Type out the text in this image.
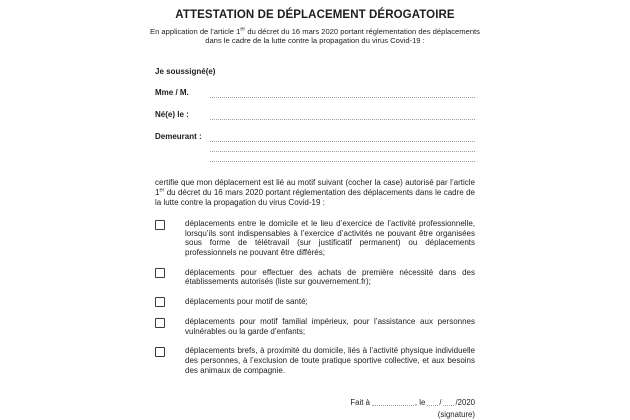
ATTESTATION DE DÉPLACEMENT DÉROGATOIRE

En application de l’article 1er du décret du 16 mars 2020 portant réglementation des déplacements dans le cadre de la lutte contre la propagation du virus Covid-19 :

Je soussigné(e)
Mme / M.
Né(e) le :
Demeurant :

certifie que mon déplacement est lié au motif suivant (cocher la case) autorisé par l’article 1er du décret du 16 mars 2020 portant réglementation des déplacements dans le cadre de la lutte contre la propagation du virus Covid-19 :

déplacements entre le domicile et le lieu d’exercice de l’activité professionnelle, lorsqu’ils sont indispensables à l’exercice d’activités ne pouvant être organisées sous forme de télétravail (sur justificatif permanent) ou déplacements professionnels ne pouvant être différés;

déplacements pour effectuer des achats de première nécessité dans des établissements autorisés (liste sur gouvernement.fr);

déplacements pour motif de santé;

déplacements pour motif familial impérieux, pour l’assistance aux personnes vulnérables ou la garde d’enfants;

déplacements brefs, à proximité du domicile, liés à l’activité physique individuelle des personnes, à l’exclusion de toute pratique sportive collective, et aux besoins des animaux de compagnie.

Fait à	, le / /2020
(signature)
